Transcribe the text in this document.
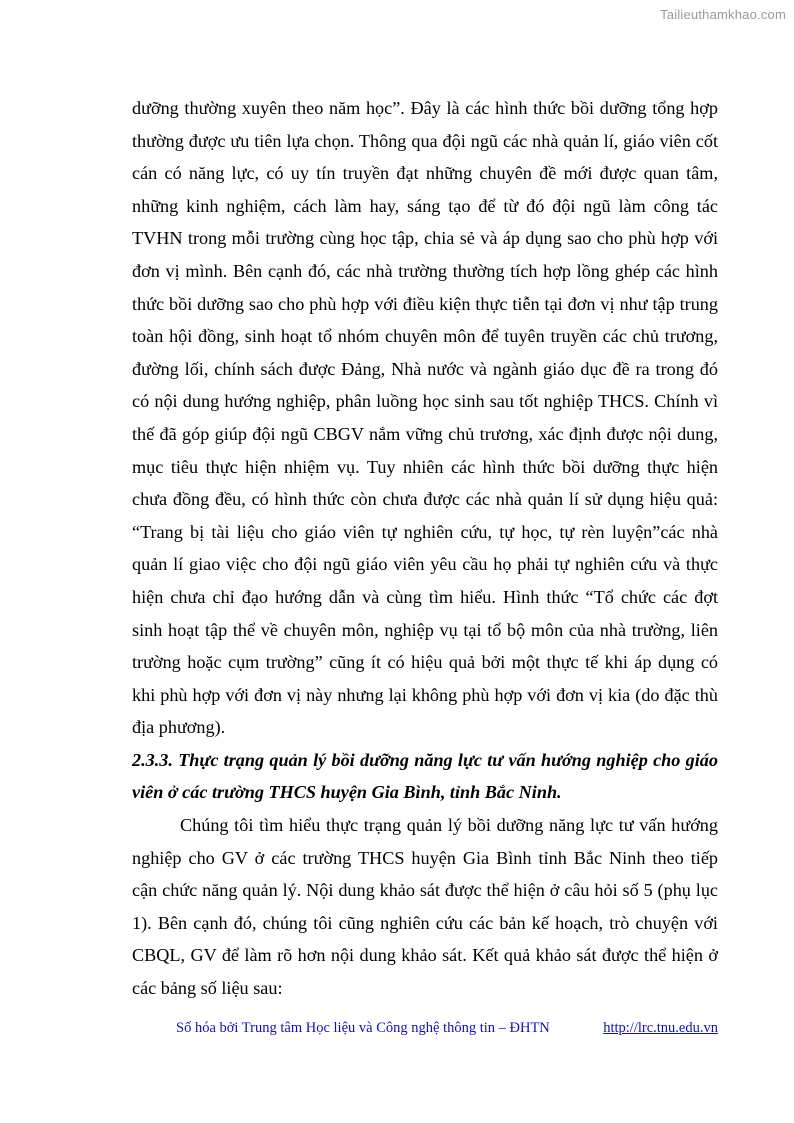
Tailieuthamkhao.com
dưỡng thường xuyên theo năm học”. Đây là các hình thức bồi dưỡng tổng hợp
thường được ưu tiên lựa chọn. Thông qua đội ngũ các nhà quản lí, giáo viên cốt
cán có năng lực, có uy tín truyền đạt những chuyên đề mới được quan tâm,
những kinh nghiệm, cách làm hay, sáng tạo để từ đó đội ngũ làm công tác
TVHN trong mỗi trường cùng học tập, chia sẻ và áp dụng sao cho phù hợp với
đơn vị mình. Bên cạnh đó, các nhà trường thường tích hợp lồng ghép các hình
thức bồi dưỡng sao cho phù hợp với điều kiện thực tiễn tại đơn vị như tập trung
toàn hội đồng, sinh hoạt tổ nhóm chuyên môn để tuyên truyền các chủ trương,
đường lối, chính sách được Đảng, Nhà nước và ngành giáo dục đề ra trong đó
có nội dung hướng nghiệp, phân luồng học sinh sau tốt nghiệp THCS. Chính vì
thế đã góp giúp đội ngũ CBGV nắm vững chủ trương, xác định được nội dung,
mục tiêu thực hiện nhiệm vụ. Tuy nhiên các hình thức bồi dưỡng thực hiện
chưa đồng đều, có hình thức còn chưa được các nhà quản lí sử dụng hiệu quả:
“Trang bị tài liệu cho giáo viên tự nghiên cứu, tự học, tự rèn luyện”các nhà
quản lí giao việc cho đội ngũ giáo viên yêu cầu họ phải tự nghiên cứu và thực
hiện chưa chỉ đạo hướng dẫn và cùng tìm hiểu. Hình thức “Tổ chức các đợt
sinh hoạt tập thể về chuyên môn, nghiệp vụ tại tổ bộ môn của nhà trường, liên
trường hoặc cụm trường” cũng ít có hiệu quả bởi một thực tế khi áp dụng có
khi phù hợp với đơn vị này nhưng lại không phù hợp với đơn vị kia (do đặc thù
địa phương).
2.3.3. Thực trạng quản lý bồi dưỡng năng lực tư vấn hướng nghiệp cho giáo
viên ở các trường THCS huyện Gia Bình, tỉnh Bắc Ninh.
Chúng tôi tìm hiểu thực trạng quản lý bồi dưỡng năng lực tư vấn hướng
nghiệp cho GV ở các trường THCS huyện Gia Bình tỉnh Bắc Ninh theo tiếp
cận chức năng quản lý. Nội dung khảo sát được thể hiện ở câu hỏi số 5 (phụ lục
1). Bên cạnh đó, chúng tôi cũng nghiên cứu các bản kế hoạch, trò chuyện với
CBQL, GV để làm rõ hơn nội dung khảo sát. Kết quả khảo sát được thể hiện ở
các bảng số liệu sau:
Số hóa bởi Trung tâm Học liệu và Công nghệ thông tin – ĐHTN	http://lrc.tnu.edu.vn
